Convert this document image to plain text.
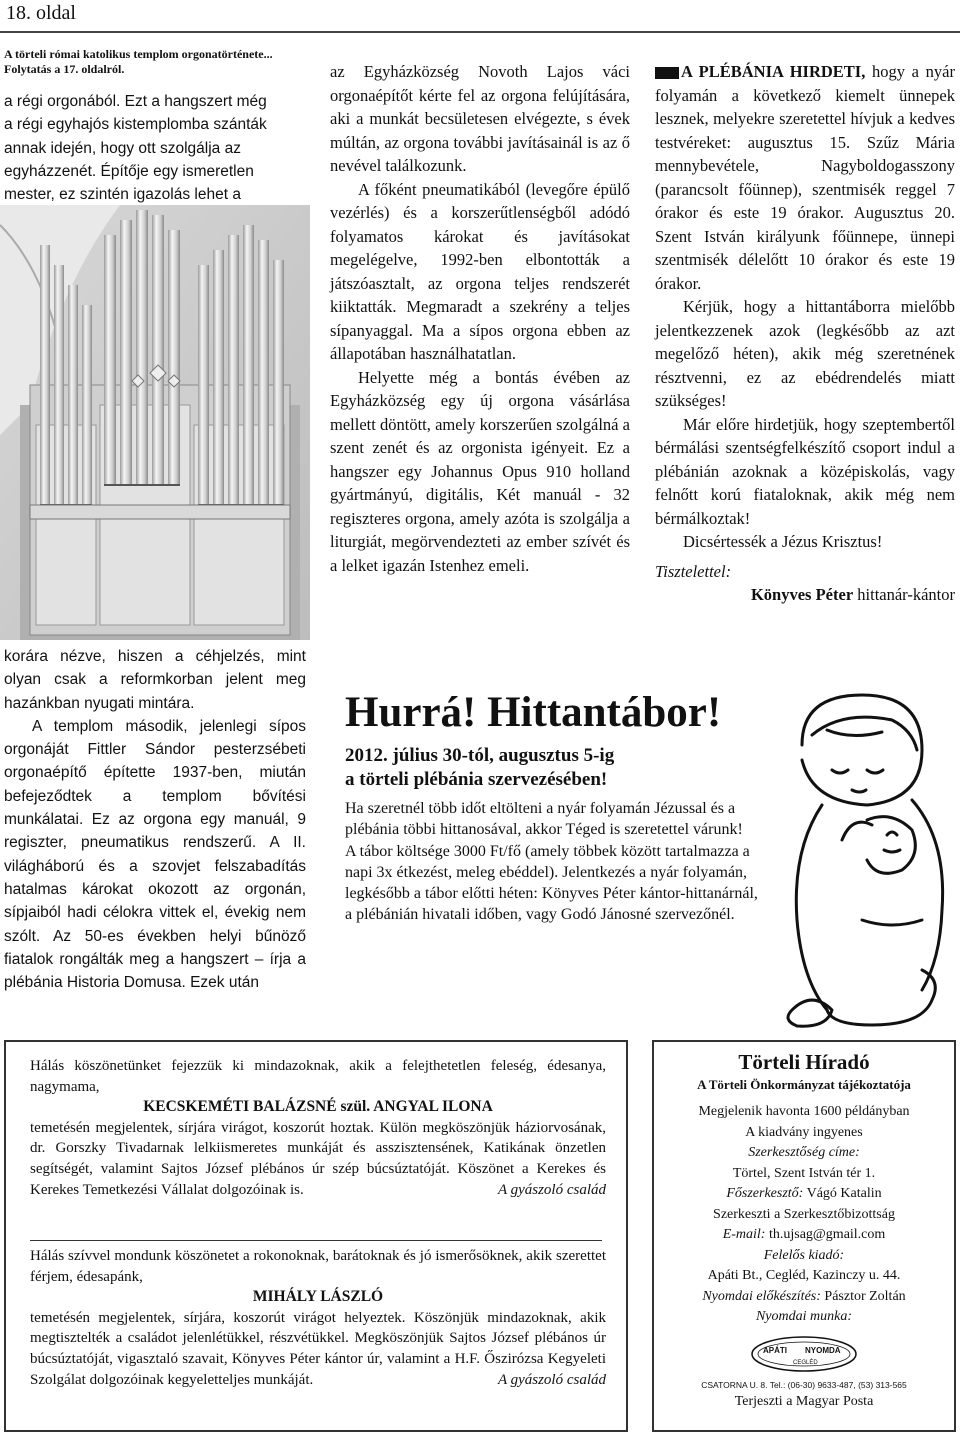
18. oldal
A törteli római katolikus templom orgonatörténete...
Folytatás a 17. oldalról.
a régi orgonából. Ezt a hangszert még
a régi egyhajós kistemplomba szánták
annak idején, hogy ott szolgálja az
egyházzenét. Építője egy ismeretlen
mester, ez szintén igazolás lehet a

korára nézve, hiszen a céhjelzés, mint olyan csak a reformkorban jelent meg hazánkban nyugati mintára.

A templom második, jelenlegi sípos orgonáját Fittler Sándor pesterzsébeti orgonaépítő építette 1937-ben, miután befejeződtek a templom bővítési munkálatai. Ez az orgona egy manuál, 9 regiszter, pneumatikus rendszerű. A II. világháború és a szovjet felszabadítás hatalmas károkat okozott az orgonán, sípjaiból hadi célokra vittek el, évekig nem szólt. Az 50-es években helyi bűnöző fiatalok rongálták meg a hangszert – írja a plébánia Historia Domusa. Ezek után

az Egyházközség Novoth Lajos váci orgonaépítőt kérte fel az orgona felújítására, aki a munkát becsületesen elvégezte, s évek múltán, az orgona további javításainál is az ő nevével találkozunk.

A főként pneumatikából (levegőre épülő vezérlés) és a korszerűtlenségből adódó folyamatos károkat és javításokat megelégelve, 1992-ben elbontották a játszóasztalt, az orgona teljes rendszerét kiiktatták. Megmaradt a szekrény a teljes sípanyaggal. Ma a sípos orgona ebben az állapotában használhatatlan.

Helyette még a bontás évében az Egyházközség egy új orgona vásárlása mellett döntött, amely korszerűen szolgálná a szent zenét és az orgonista igényeit. Ez a hangszer egy Johannus Opus 910 holland gyártmányú, digitális, Két manuál - 32 regiszteres orgona, amely azóta is szolgálja a liturgiát, megörvendezteti az ember szívét és a lelket igazán Istenhez emeli.

A PLÉBÁNIA HIRDETI, hogy a nyár folyamán a következő kiemelt ünnepek lesznek, melyekre szeretettel hívjuk a kedves testvéreket: augusztus 15. Szűz Mária mennybevétele, Nagyboldogasszony (parancsolt főünnep), szentmisék reggel 7 órakor és este 19 órakor. Augusztus 20. Szent István királyunk főünnepe, ünnepi szentmisék délelőtt 10 órakor és este 19 órakor.

Kérjük, hogy a hittantáborra mielőbb jelentkezzenek azok (legkésőbb az azt megelőző héten), akik még szeretnének résztvenni, ez az ebédrendelés miatt szükséges!

Már előre hirdetjük, hogy szeptembertől bérmálási szentségfelkészítő csoport indul a plébánián azoknak a középiskolás, vagy felnőtt korú fiataloknak, akik még nem bérmálkoztak!

Dicsértessék a Jézus Krisztus!

Tisztelettel:

Könyves Péter hittanár-kántor

Hurrá! Hittantábor!
2012. július 30-tól, augusztus 5-ig
a törteli plébánia szervezésében!

Ha szeretnél több időt eltölteni a nyár folyamán Jézussal és a plébánia többi hittanosával, akkor Téged is szeretettel várunk!

A tábor költsége 3000 Ft/fő (amely többek között tartalmazza a napi 3x étkezést, meleg ebéddel). Jelentkezés a nyár folyamán, legkésőbb a tábor előtti héten: Könyves Péter kántor-hittanárnál, a plébánián hivatali időben, vagy Godó Jánosné szervezőnél.

Hálás köszönetünket fejezzük ki mindazoknak, akik a felejthetetlen feleség, édesanya, nagymama,

KECSKEMÉTI BALÁZSNÉ szül. ANGYAL ILONA

temetésén megjelentek, sírjára virágot, koszorút hoztak. Külön megköszönjük háziorvosának, dr. Gorszky Tivadarnak lelkiismeretes munkáját és asszisztensének, Katikának önzetlen segítségét, valamint Sajtos József plébános úr szép búcsúztatóját. Köszönet a Kerekes és Kerekes Temetkezési Vállalat dolgozóinak is.	A gyászoló család

Hálás szívvel mondunk köszönetet a rokonoknak, barátoknak és jó ismerősöknek, akik szerettet férjem, édesapánk,

MIHÁLY LÁSZLÓ

temetésén megjelentek, sírjára, koszorút virágot helyeztek. Köszönjük mindazoknak, akik megtisztelték a családot jelenlétükkel, részvétükkel. Megköszönjük Sajtos József plébános úr búcsúztatóját, vigasztaló szavait, Könyves Péter kántor úr, valamint a H.F. Őszirózsa Kegyeleti Szolgálat dolgozóinak kegyeletteljes munkáját.	A gyászoló család

Törteli Híradó
A Törteli Önkormányzat tájékoztatója
Megjelenik havonta 1600 példányban
A kiadvány ingyenes
Szerkesztőség címe:
Törtel, Szent István tér 1.
Főszerkesztő: Vágó Katalin
Szerkeszti a Szerkesztőbizottság
E-mail: th.ujsag@gmail.com
Felelős kiadó:
Apáti Bt., Cegléd, Kazinczy u. 44.
Nyomdai előkészítés: Pásztor Zoltán
Nyomdai munka:
APÁTI NYOMDA
CEGLÉD
CSATORNA U. 8. Tel.: (06-30) 9633-487, (53) 313-565
Terjeszti a Magyar Posta
